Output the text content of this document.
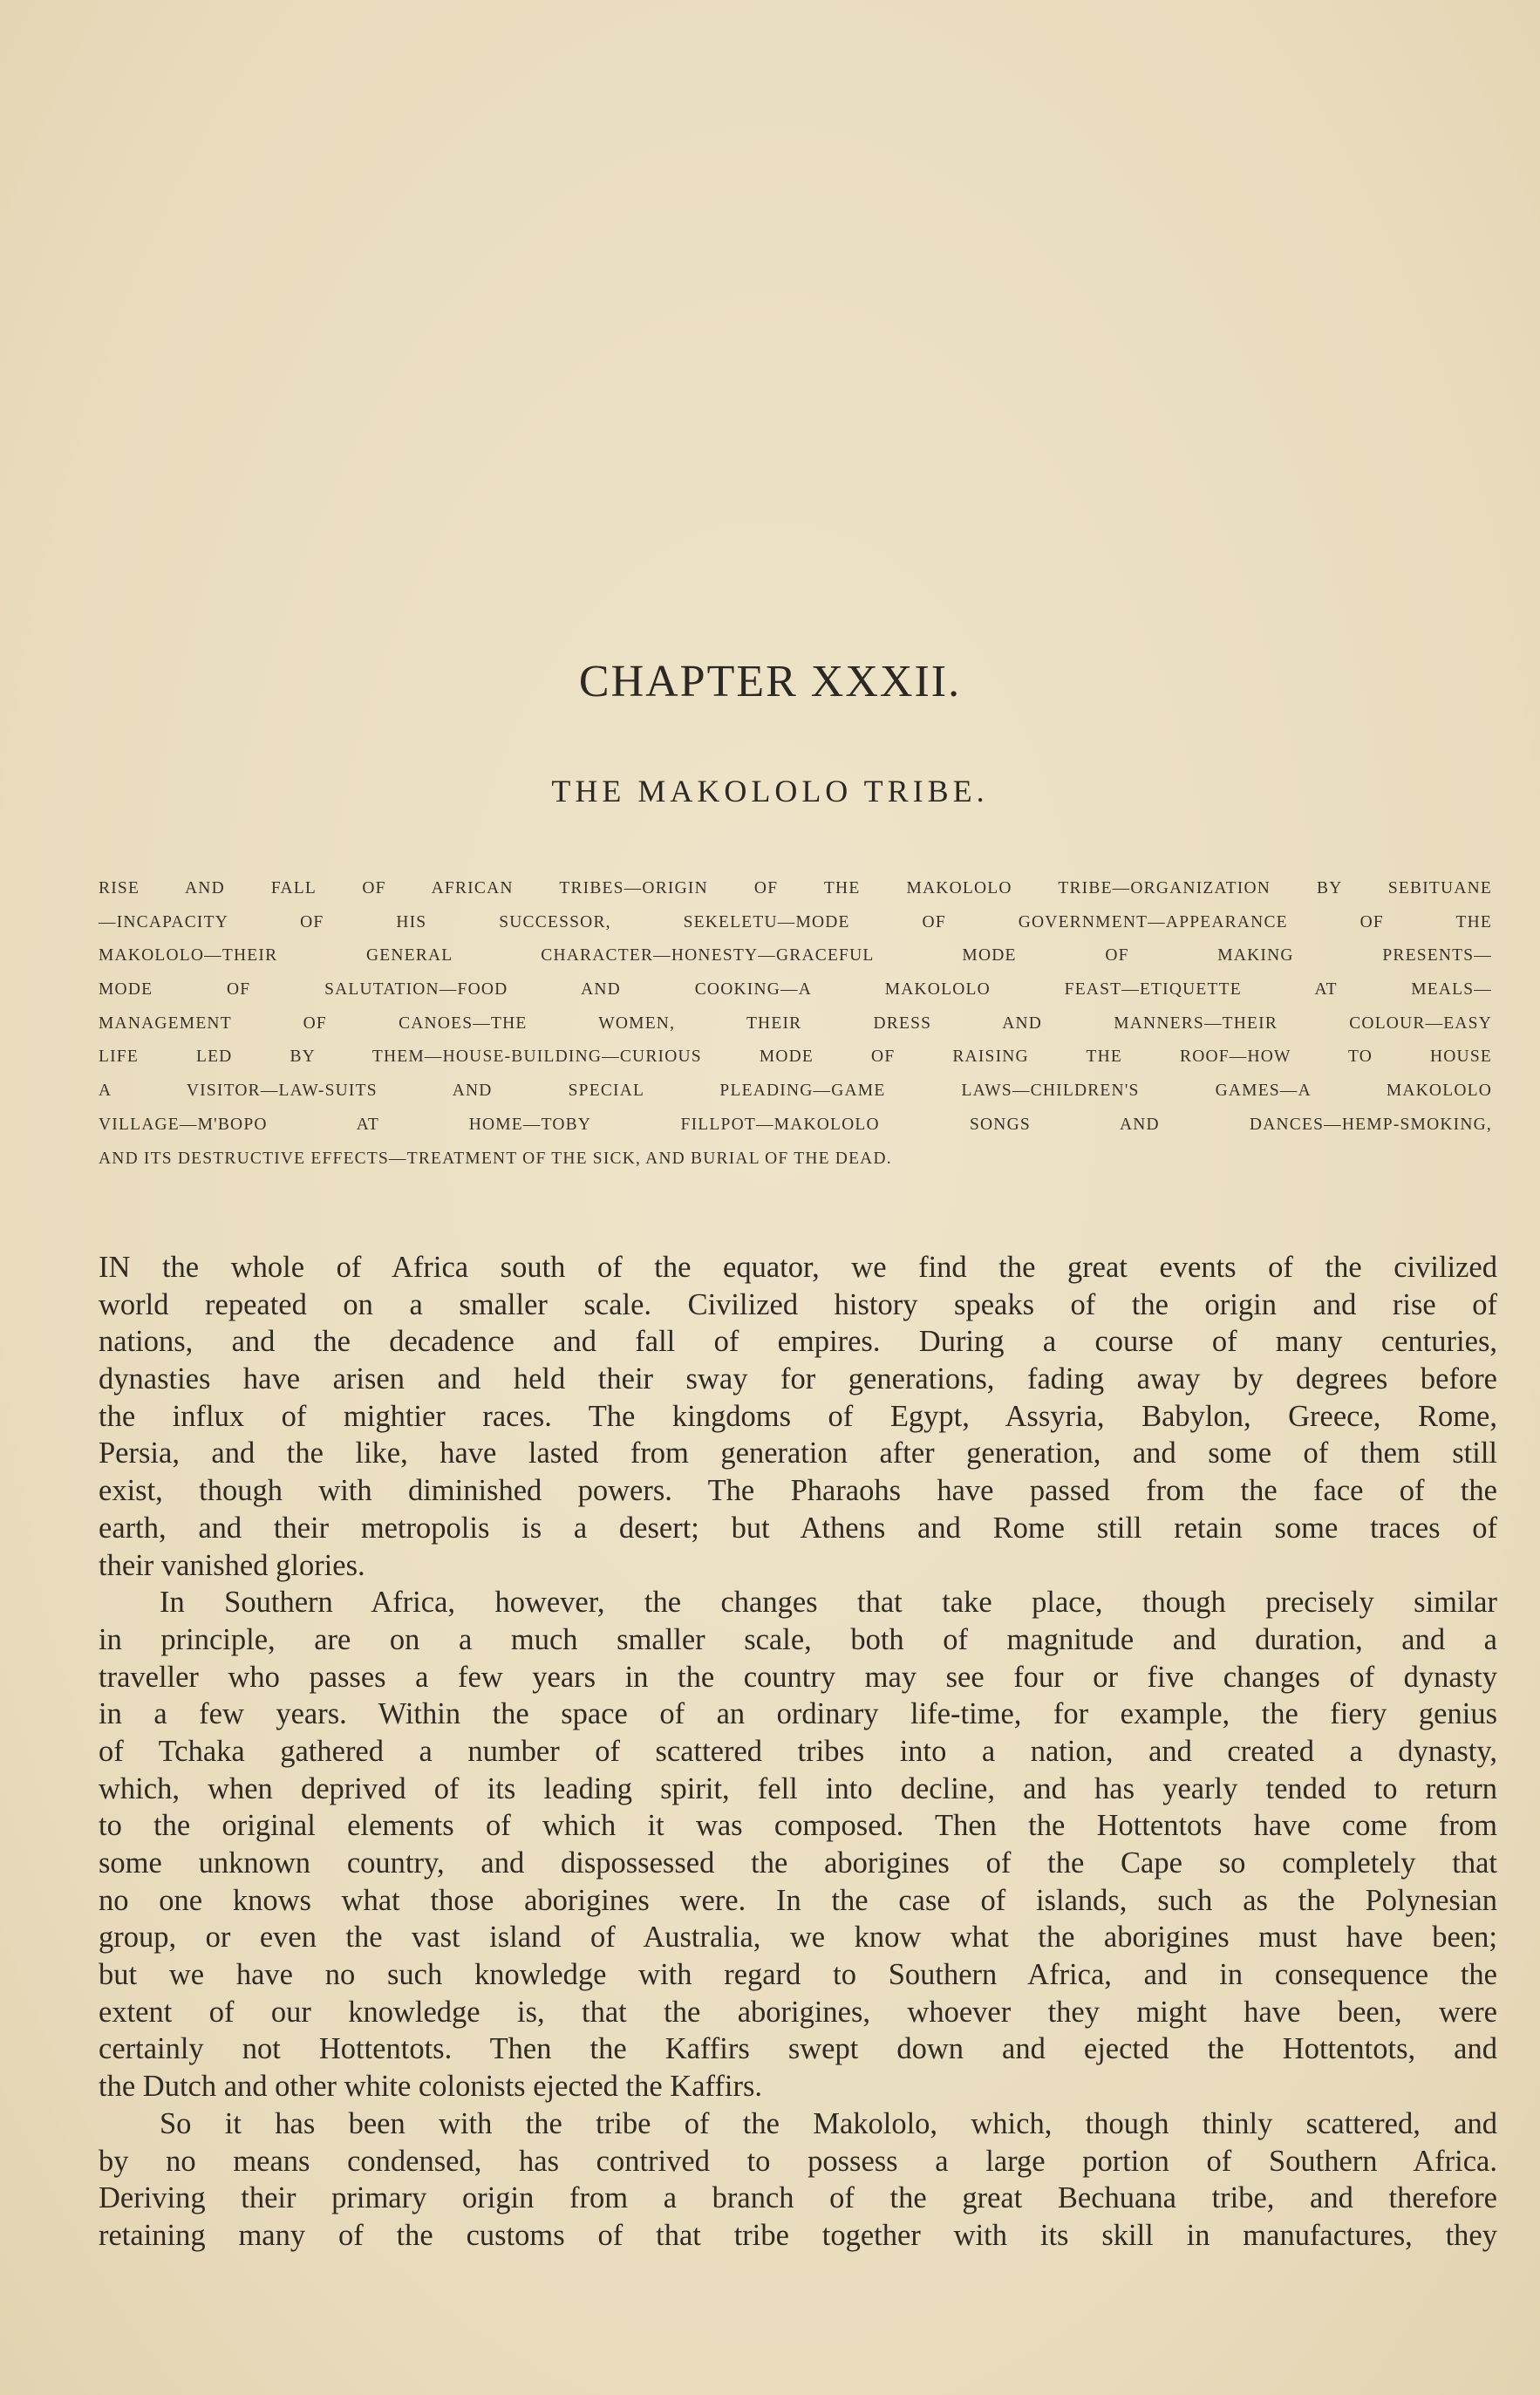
CHAPTER XXXII.
THE MAKOLOLO TRIBE.
RISE AND FALL OF AFRICAN TRIBES—ORIGIN OF THE MAKOLOLO TRIBE—ORGANIZATION BY SEBITUANE
—INCAPACITY OF HIS SUCCESSOR, SEKELETU—MODE OF GOVERNMENT—APPEARANCE OF THE
MAKOLOLO—THEIR GENERAL CHARACTER—HONESTY—GRACEFUL MODE OF MAKING PRESENTS—
MODE OF SALUTATION—FOOD AND COOKING—A MAKOLOLO FEAST—ETIQUETTE AT MEALS—
MANAGEMENT OF CANOES—THE WOMEN, THEIR DRESS AND MANNERS—THEIR COLOUR—EASY
LIFE LED BY THEM—HOUSE-BUILDING—CURIOUS MODE OF RAISING THE ROOF—HOW TO HOUSE
A VISITOR—LAW-SUITS AND SPECIAL PLEADING—GAME LAWS—CHILDREN'S GAMES—A MAKOLOLO
VILLAGE—M'BOPO AT HOME—TOBY FILLPOT—MAKOLOLO SONGS AND DANCES—HEMP-SMOKING,
AND ITS DESTRUCTIVE EFFECTS—TREATMENT OF THE SICK, AND BURIAL OF THE DEAD.
IN the whole of Africa south of the equator, we find the great events of the civilized
world repeated on a smaller scale. Civilized history speaks of the origin and rise of
nations, and the decadence and fall of empires. During a course of many centuries,
dynasties have arisen and held their sway for generations, fading away by degrees before
the influx of mightier races. The kingdoms of Egypt, Assyria, Babylon, Greece, Rome,
Persia, and the like, have lasted from generation after generation, and some of them still
exist, though with diminished powers. The Pharaohs have passed from the face of the
earth, and their metropolis is a desert; but Athens and Rome still retain some traces of
their vanished glories.
In Southern Africa, however, the changes that take place, though precisely similar
in principle, are on a much smaller scale, both of magnitude and duration, and a
traveller who passes a few years in the country may see four or five changes of dynasty
in a few years. Within the space of an ordinary life-time, for example, the fiery genius
of Tchaka gathered a number of scattered tribes into a nation, and created a dynasty,
which, when deprived of its leading spirit, fell into decline, and has yearly tended to return
to the original elements of which it was composed. Then the Hottentots have come from
some unknown country, and dispossessed the aborigines of the Cape so completely that
no one knows what those aborigines were. In the case of islands, such as the Polynesian
group, or even the vast island of Australia, we know what the aborigines must have been;
but we have no such knowledge with regard to Southern Africa, and in consequence the
extent of our knowledge is, that the aborigines, whoever they might have been, were
certainly not Hottentots. Then the Kaffirs swept down and ejected the Hottentots, and
the Dutch and other white colonists ejected the Kaffirs.
So it has been with the tribe of the Makololo, which, though thinly scattered, and
by no means condensed, has contrived to possess a large portion of Southern Africa.
Deriving their primary origin from a branch of the great Bechuana tribe, and therefore
retaining many of the customs of that tribe together with its skill in manufactures, they
